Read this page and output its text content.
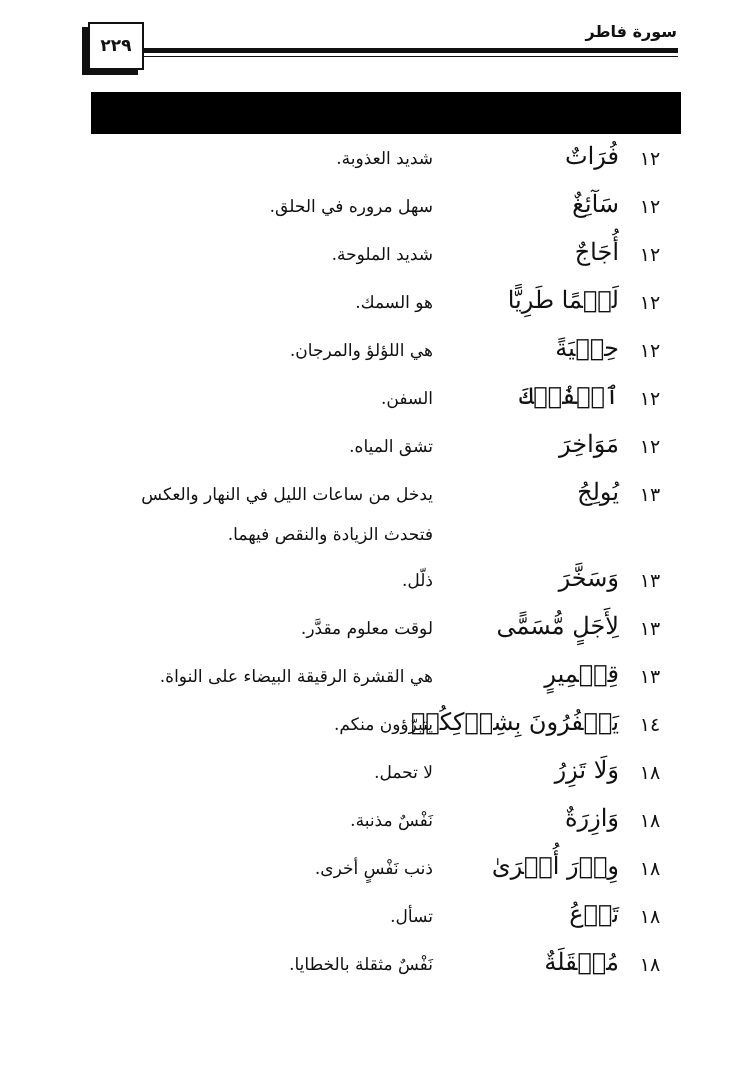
٢٢٩
سورة فاطر
١٢
فُرَاتٌ
شديد العذوبة.
١٢
سَآئِغٌ
سهل مروره في الحلق.
١٢
أُجَاجٌ
شديد الملوحة.
١٢
لَحۡمًا طَرِيًّا
هو السمك.
١٢
حِلۡيَةً
هي اللؤلؤ والمرجان.
١٢
ٱلۡفُلۡكَ
السفن.
١٢
مَوَاخِرَ
تشق المياه.
١٣
يُولِجُ
يدخل من ساعات الليل في النهار والعكس
فتحدث الزيادة والنقص فيهما.
١٣
وَسَخَّرَ
ذلّل.
١٣
لِأَجَلٍ مُّسَمًّى
لوقت معلوم مقدَّر.
١٣
قِطۡمِيرٍ
هي القشرة الرقيقة البيضاء على النواة.
١٤
يَكۡفُرُونَ بِشِرۡكِكُمۡ
يتبرّؤون منكم.
١٨
وَلَا تَزِرُ
لا تحمل.
١٨
وَازِرَةٌ
نَفْسٌ مذنبة.
١٨
وِزۡرَ أُخۡرَىٰ
ذنب نَفْسٍ أخرى.
١٨
تَدۡعُ
تسأل.
١٨
مُثۡقَلَةٌ
نَفْسٌ مثقلة بالخطايا.
